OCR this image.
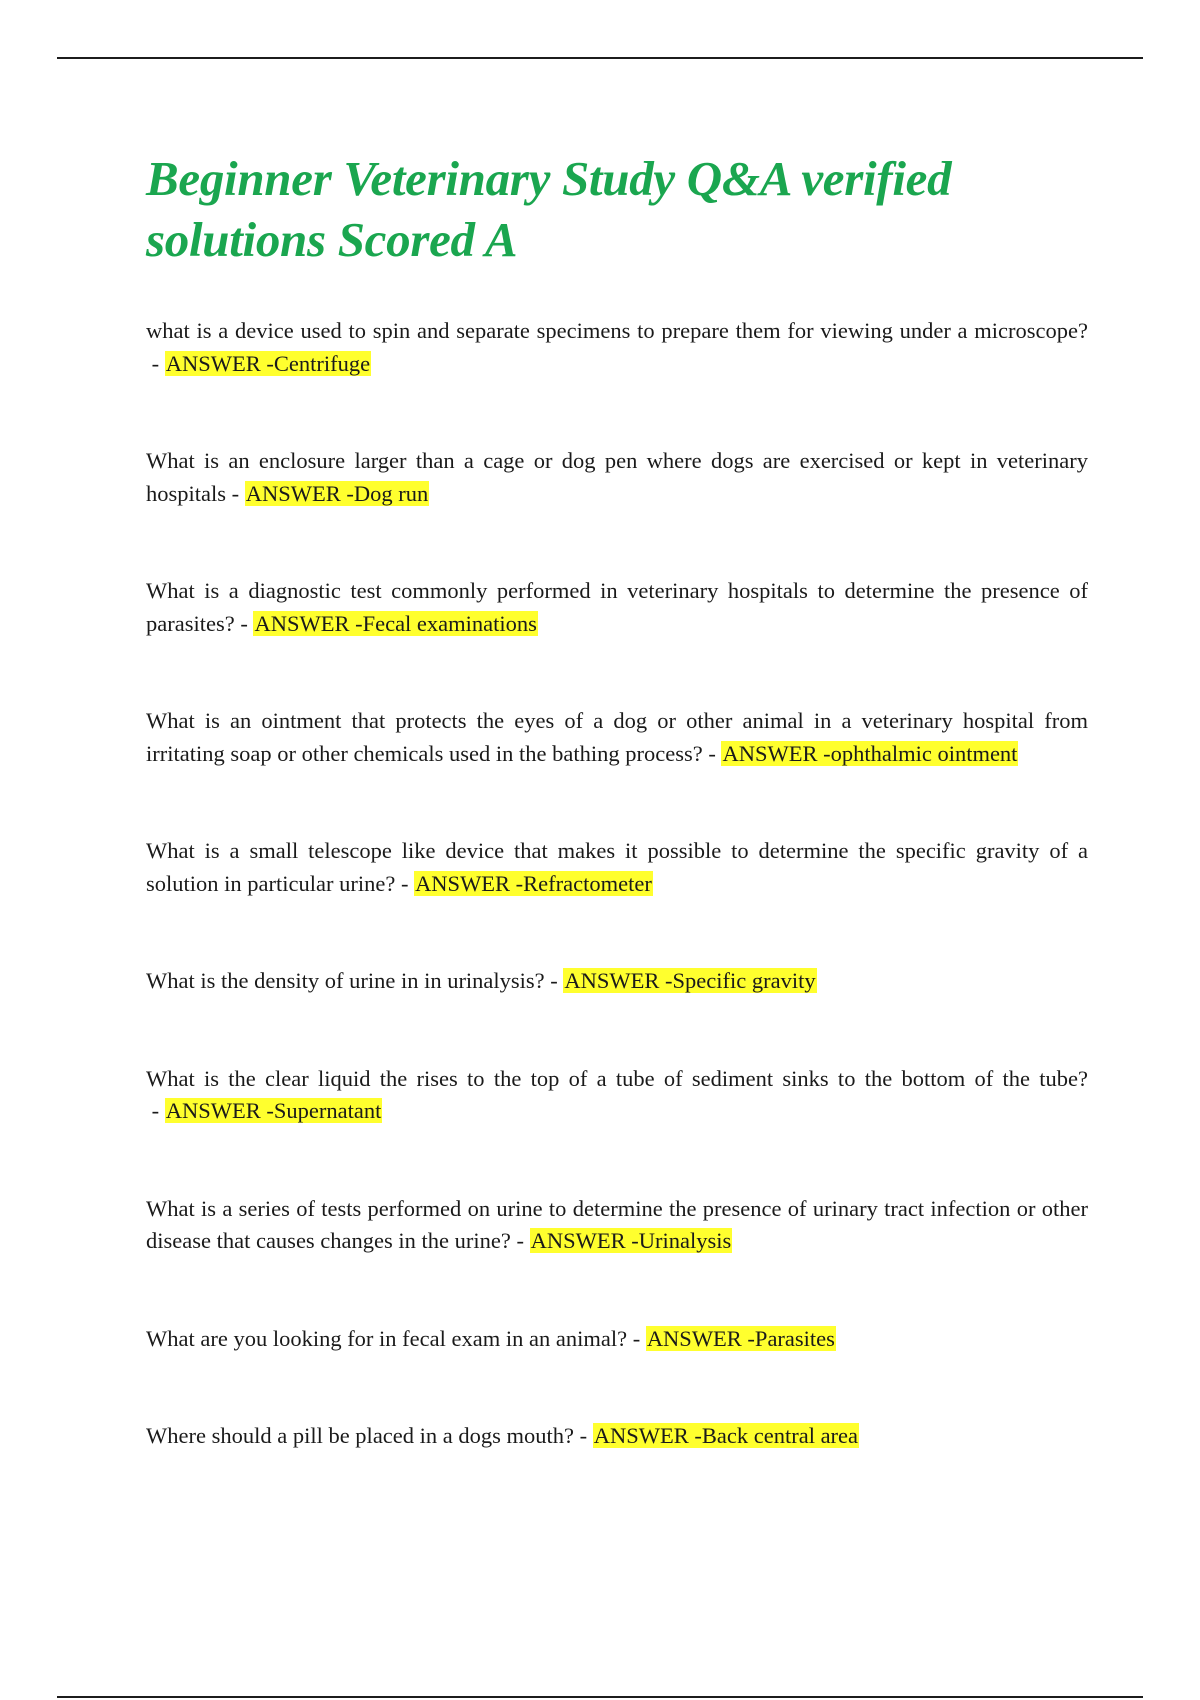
Beginner Veterinary Study Q&A verified solutions Scored A

what is a device used to spin and separate specimens to prepare them for viewing under a microscope? - ANSWER -Centrifuge

What is an enclosure larger than a cage or dog pen where dogs are exercised or kept in veterinary hospitals - ANSWER -Dog run

What is a diagnostic test commonly performed in veterinary hospitals to determine the presence of parasites? - ANSWER -Fecal examinations

What is an ointment that protects the eyes of a dog or other animal in a veterinary hospital from irritating soap or other chemicals used in the bathing process? - ANSWER -ophthalmic ointment

What is a small telescope like device that makes it possible to determine the specific gravity of a solution in particular urine? - ANSWER -Refractometer

What is the density of urine in in urinalysis? - ANSWER -Specific gravity

What is the clear liquid the rises to the top of a tube of sediment sinks to the bottom of the tube? - ANSWER -Supernatant

What is a series of tests performed on urine to determine the presence of urinary tract infection or other disease that causes changes in the urine? - ANSWER -Urinalysis

What are you looking for in fecal exam in an animal? - ANSWER -Parasites

Where should a pill be placed in a dogs mouth? - ANSWER -Back central area
